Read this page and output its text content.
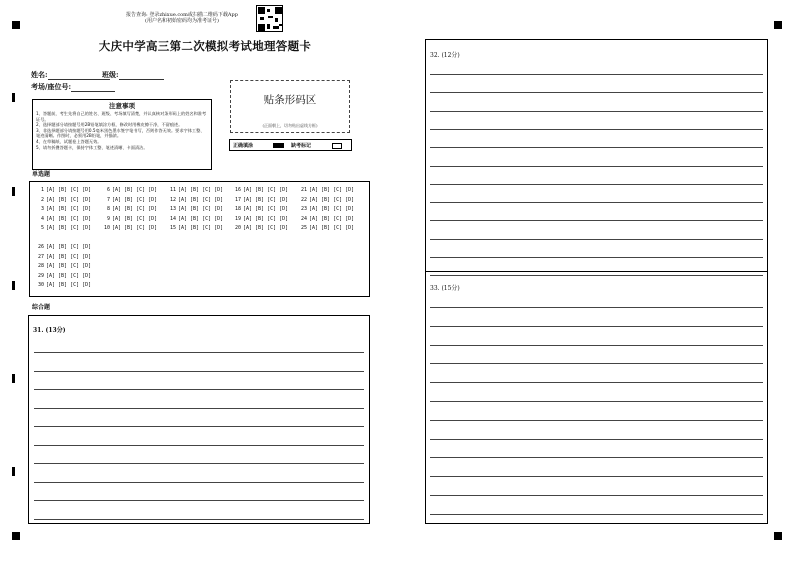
报告查询: 登录zhixue.com或扫描二维码下载App
(用户名和初始密码均为准考证号)
大庆中学高三第二次模拟考试地理答题卡
姓名:	班级:
考场/座位号:
注意事项
1、答题前，考生先将自己的姓名、班级、考场填写清楚，并认真核对条形码上的姓名和准考证号。
2、选择题部分请按题号用2B铅笔填涂方框，修改时用橡皮擦干净，不留痕迹。
3、非选择题部分请按题号用0.5毫米黑色墨水签字笔书写，否则作答无效。要求字体工整、笔迹清晰。作图时，必须用2B铅笔，并描浓。
4、在草稿纸、试题卷上答题无效。
5、请勿折叠答题卡，保持字体工整、笔迹清晰、卡面清洁。
贴条形码区
(正面朝上，切勿贴出虚线方框)
正确填涂	缺考标记
单选题
1 [A] [B] [C] [D]	6 [A] [B] [C] [D]	11 [A] [B] [C] [D]	16 [A] [B] [C] [D]	21 [A] [B] [C] [D]
2 [A] [B] [C] [D]	7 [A] [B] [C] [D]	12 [A] [B] [C] [D]	17 [A] [B] [C] [D]	22 [A] [B] [C] [D]
3 [A] [B] [C] [D]	8 [A] [B] [C] [D]	13 [A] [B] [C] [D]	18 [A] [B] [C] [D]	23 [A] [B] [C] [D]
4 [A] [B] [C] [D]	9 [A] [B] [C] [D]	14 [A] [B] [C] [D]	19 [A] [B] [C] [D]	24 [A] [B] [C] [D]
5 [A] [B] [C] [D]	10 [A] [B] [C] [D]	15 [A] [B] [C] [D]	20 [A] [B] [C] [D]	25 [A] [B] [C] [D]
26 [A] [B] [C] [D]
27 [A] [B] [C] [D]
28 [A] [B] [C] [D]
29 [A] [B] [C] [D]
30 [A] [B] [C] [D]
综合题
31. (13分)
32. (12分)
33. (15分)
